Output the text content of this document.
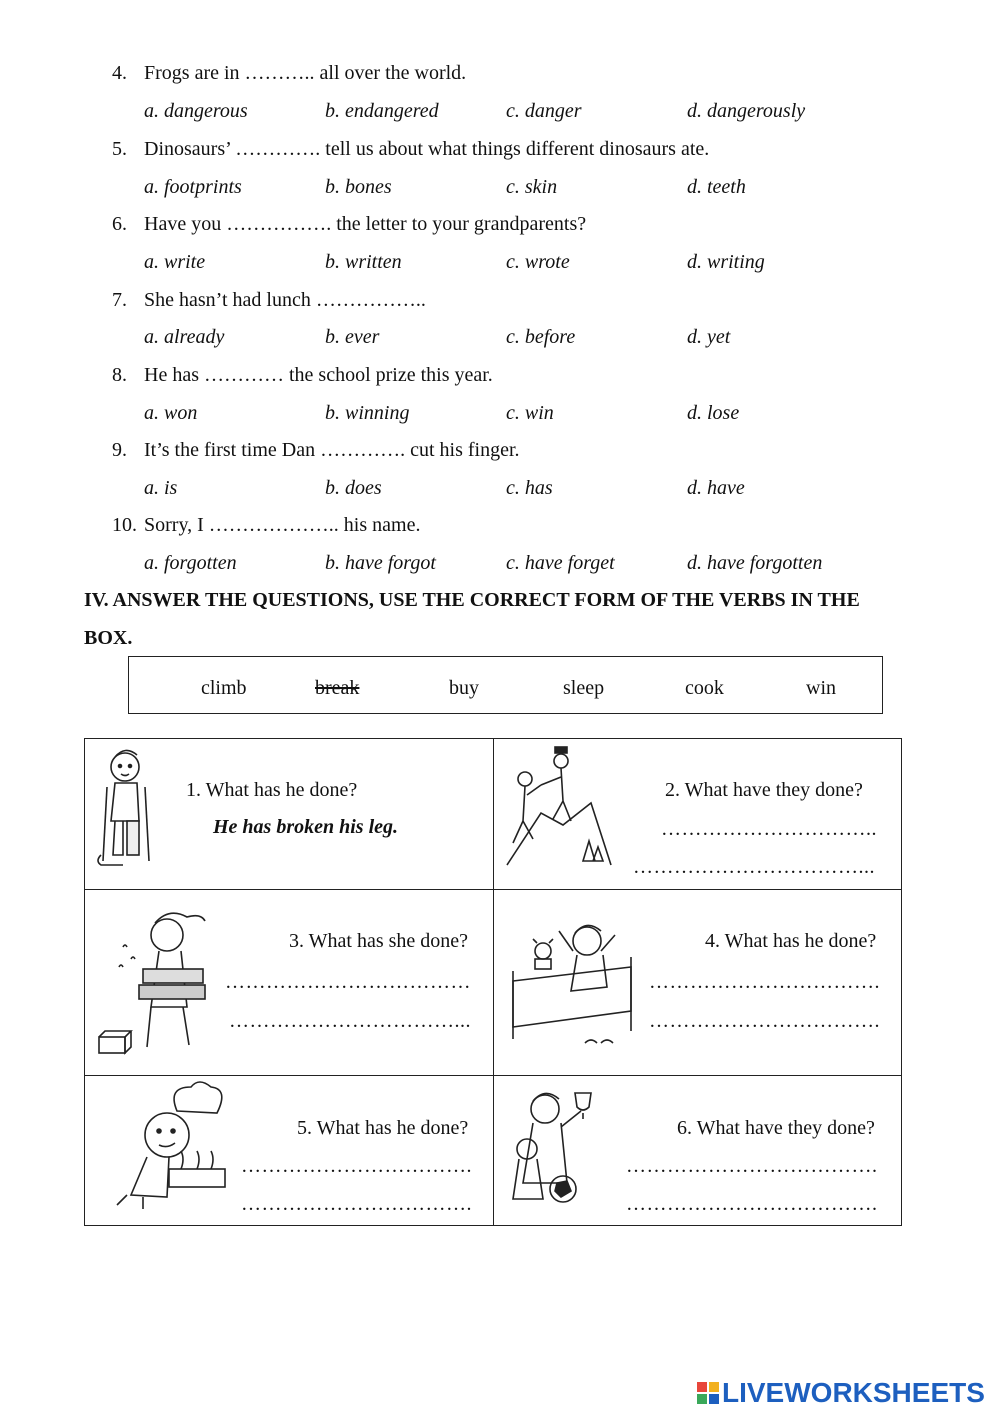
4. Frogs are in ……….. all over the world.
a. dangerous	b. endangered	c. danger	d. dangerously
5. Dinosaurs’ …………. tell us about what things different dinosaurs ate.
a. footprints	b. bones	c. skin	d. teeth
6. Have you ……………. the letter to your grandparents?
a. write	b. written	c. wrote	d. writing
7. She hasn’t had lunch ……………..
a. already	b. ever	c. before	d. yet
8. He has ………… the school prize this year.
a. won	b. winning	c. win	d. lose
9. It’s the first time Dan …………. cut his finger.
a. is	b. does	c. has	d. have
10. Sorry, I ……………….. his name.
a. forgotten	b. have forgot	c. have forget	d. have forgotten
IV. ANSWER THE QUESTIONS, USE THE CORRECT FORM OF THE VERBS IN THE
BOX.
climb	break	buy	sleep	cook	win
1. What has he done?
He has broken his leg.
2. What have they done?
…………………………..
……………………………...
3. What has she done?
………………………………
……………………………...
4. What has he done?
…………………………….
…………………………….
5. What has he done?
…………………………….
…………………………….
6. What have they done?
……………………………….
……………………………….
LIVEWORKSHEETS
